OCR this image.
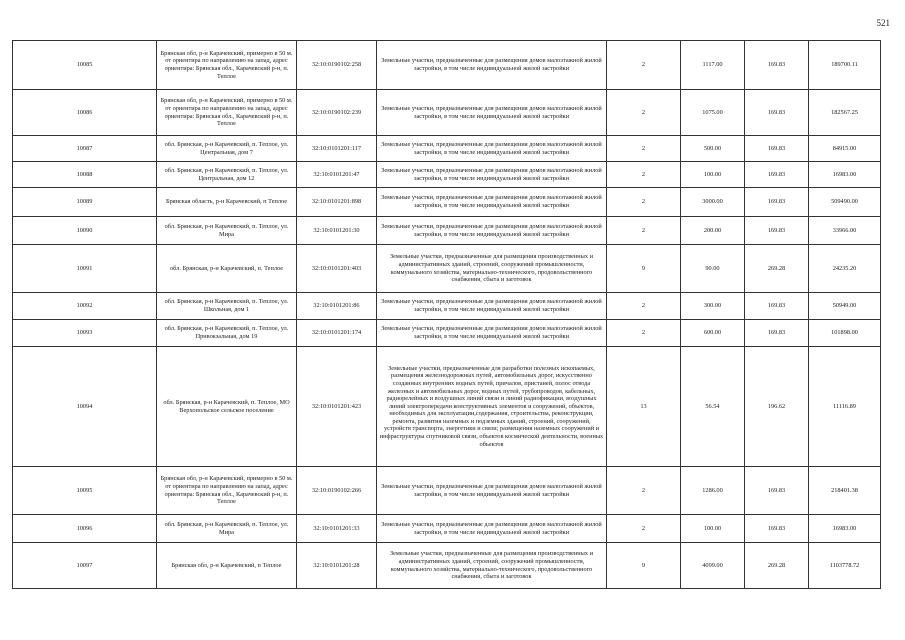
521
10085	Брянская обл, р-н Карачевский, примерно в 50 м. от ориентира по направлению на запад, адрес ориентира: Брянская обл., Карачевский р-н, п. Теплое	32:10:0190102:258	Земельные участки, предназначенные для размещения домов малоэтажной жилой застройки, в том числе индивидуальной жилой застройки	2	1117.00	169.83	189700.11
10086	Брянская обл, р-н Карачевский, примерно в 50 м. от ориентира по направлению на запад, адрес ориентира: Брянская обл., Карачевский р-н, п. Теплое	32:10:0190102:239	Земельные участки, предназначенные для размещения домов малоэтажной жилой застройки, в том числе индивидуальной жилой застройки	2	1075.00	169.83	182567.25
10087	обл. Брянская, р-н Карачевский, п. Теплое, ул. Центральная, дом 7	32:10:0101201:117	Земельные участки, предназначенные для размещения домов малоэтажной жилой застройки, в том числе индивидуальной жилой застройки	2	500.00	169.83	84915.00
10088	обл. Брянская, р-н Карачевский, п. Теплое, ул. Центральная, дом 12	32:10:0101201:47	Земельные участки, предназначенные для размещения домов малоэтажной жилой застройки, в том числе индивидуальной жилой застройки	2	100.00	169.83	16983.00
10089	Брянская область, р-н Карачевский, п Теплое	32:10:0101201:898	Земельные участки, предназначенные для размещения домов малоэтажной жилой застройки, в том числе индивидуальной жилой застройки	2	3000.00	169.83	509490.00
10090	обл. Брянская, р-н Карачевский, п. Теплое, ул. Мира	32:10:0101201:30	Земельные участки, предназначенные для размещения домов малоэтажной жилой застройки, в том числе индивидуальной жилой застройки	2	200.00	169.83	33966.00
10091	обл. Брянская, р-н Карачевский, п. Теплое	32:10:0101201:403	Земельные участки, предназначенные для размещения производственных и административных зданий, строений, сооружений промышленности, коммунального хозяйства, материально-технического, продовольственного снабжения, сбыта и заготовок	9	90.00	269.28	24235.20
10092	обл. Брянская, р-н Карачевский, п. Теплое, ул. Школьная, дом 1	32:10:0101201:86	Земельные участки, предназначенные для размещения домов малоэтажной жилой застройки, в том числе индивидуальной жилой застройки	2	300.00	169.83	50949.00
10093	обл. Брянская, р-н Карачевский, п. Теплое, ул. Привокзальная, дом 19	32:10:0101201:174	Земельные участки, предназначенные для размещения домов малоэтажной жилой застройки, в том числе индивидуальной жилой застройки	2	600.00	169.83	101898.00
10094	обл. Брянская, р-н Карачевский, п. Теплое, МО Верхопольское сельское поселение	32:10:0101201:423	Земельные участки, предназначенные для разработки полезных ископаемых, размещения железнодорожных путей, автомобильных дорог, искусственно созданных внутренних водных путей, причалов, пристаней, полос отвода железных и автомобильных дорог, водных путей, трубопроводов, кабельных, радиорелейных и воздушных линий связи и линий радиофикации, воздушных линий электропередачи конструктивных элементов и сооружений, объектов, необходимых для эксплуатации,содержания, строительства, реконструкции, ремонта, развития наземных и подземных зданий, строений, сооружений, устройств транспорта, энергетики и связи; размещения наземных сооружений и инфраструктуры спутниковой связи, объектов космической деятельности, военных объектов	13	56.54	196.62	11116.89
10095	Брянская обл, р-н Карачевский, примерно в 50 м. от ориентира по направлению на запад, адрес ориентира: Брянская обл., Карачевский р-н, п. Теплое	32:10:0190102:266	Земельные участки, предназначенные для размещения домов малоэтажной жилой застройки, в том числе индивидуальной жилой застройки	2	1286.00	169.83	218401.38
10096	обл. Брянская, р-н Карачевский, п. Теплое, ул. Мира	32:10:0101201:33	Земельные участки, предназначенные для размещения домов малоэтажной жилой застройки, в том числе индивидуальной жилой застройки	2	100.00	169.83	16983.00
10097	Брянская обл, р-н Карачевский, п Теплое	32:10:0101201:28	Земельные участки, предназначенные для размещения производственных и административных зданий, строений, сооружений промышленности, коммунального хозяйства, материально-технического, продовольственного снабжения, сбыта и заготовок	9	4099.00	269.28	1103778.72
